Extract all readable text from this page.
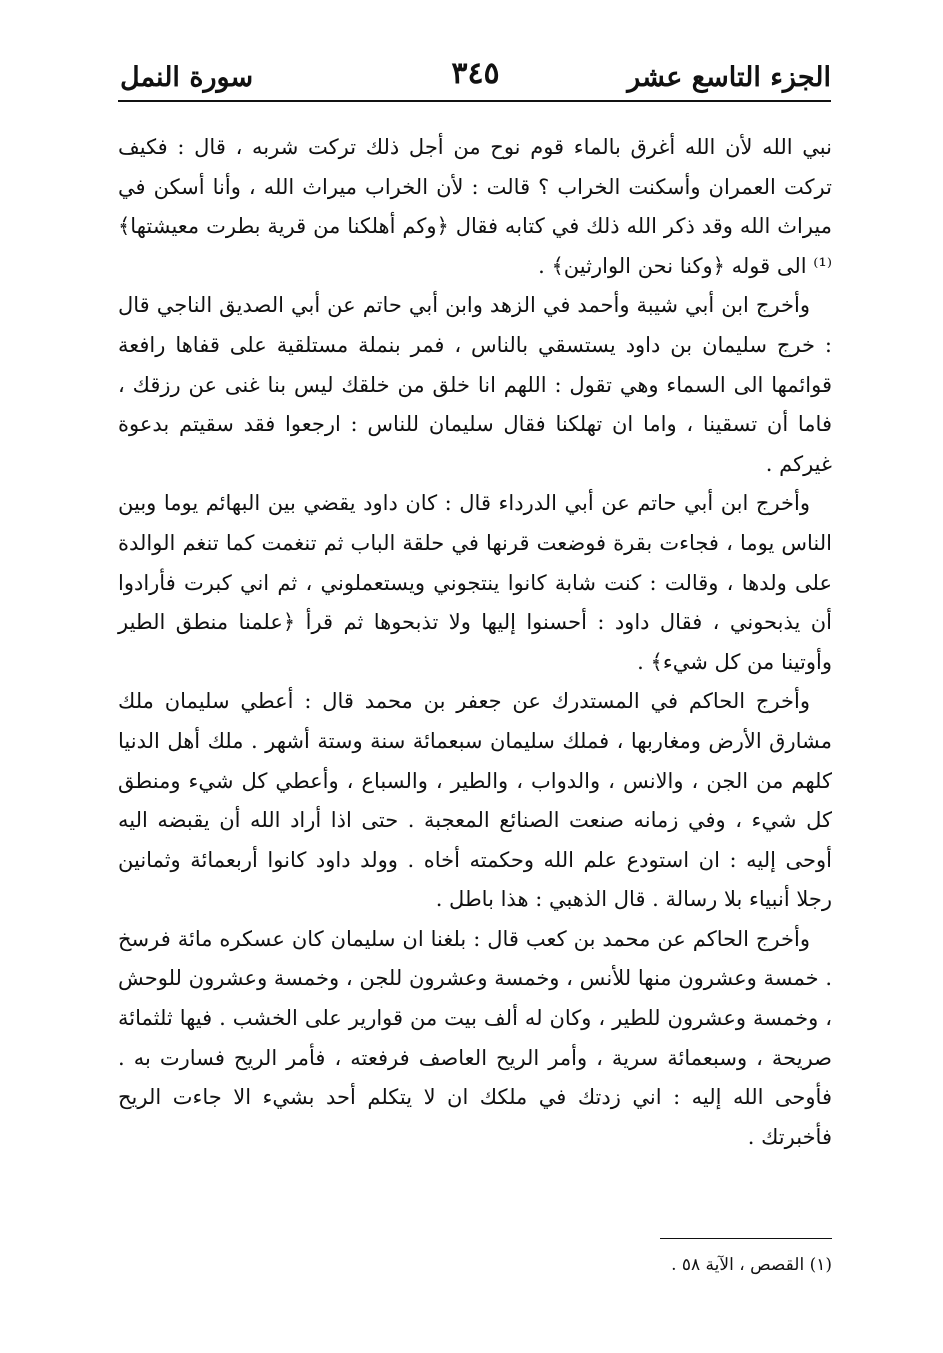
الجزء التاسع عشر
٣٤٥
سورة النمل

نبي الله لأن الله أغرق بالماء قوم نوح من أجل ذلك تركت شربه ، قال : فكيف تركت العمران وأسكنت الخراب ؟ قالت : لأن الخراب ميراث الله ، وأنا أسكن في ميراث الله وقد ذكر الله ذلك في كتابه فقال ﴿وكم أهلكنا من قرية بطرت معيشتها﴾⁽¹⁾ الى قوله ﴿وكنا نحن الوارثين﴾ .

وأخرج ابن أبي شيبة وأحمد في الزهد وابن أبي حاتم عن أبي الصديق الناجي قال : خرج سليمان بن داود يستسقي بالناس ، فمر بنملة مستلقية على قفاها رافعة قوائمها الى السماء وهي تقول : اللهم انا خلق من خلقك ليس بنا غنى عن رزقك ، فاما أن تسقينا ، واما ان تهلكنا فقال سليمان للناس : ارجعوا فقد سقيتم بدعوة غيركم .

وأخرج ابن أبي حاتم عن أبي الدرداء قال : كان داود يقضي بين البهائم يوما وبين الناس يوما ، فجاءت بقرة فوضعت قرنها في حلقة الباب ثم تنغمت كما تنغم الوالدة على ولدها ، وقالت : كنت شابة كانوا ينتجوني ويستعملوني ، ثم اني كبرت فأرادوا أن يذبحوني ، فقال داود : أحسنوا إليها ولا تذبحوها ثم قرأ ﴿علمنا منطق الطير وأوتينا من كل شيء﴾ .

وأخرج الحاكم في المستدرك عن جعفر بن محمد قال : أعطي سليمان ملك مشارق الأرض ومغاربها ، فملك سليمان سبعمائة سنة وستة أشهر . ملك أهل الدنيا كلهم من الجن ، والانس ، والدواب ، والطير ، والسباع ، وأعطي كل شيء ومنطق كل شيء ، وفي زمانه صنعت الصنائع المعجبة . حتى اذا أراد الله أن يقبضه اليه أوحى إليه : ان استودع علم الله وحكمته أخاه . وولد داود كانوا أربعمائة وثمانين رجلا أنبياء بلا رسالة . قال الذهبي : هذا باطل .

وأخرج الحاكم عن محمد بن كعب قال : بلغنا ان سليمان كان عسكره مائة فرسخ . خمسة وعشرون منها للأنس ، وخمسة وعشرون للجن ، وخمسة وعشرون للوحش ، وخمسة وعشرون للطير ، وكان له ألف بيت من قوارير على الخشب . فيها ثلثمائة صريحة ، وسبعمائة سرية ، وأمر الريح العاصف فرفعته ، فأمر الريح فسارت به . فأوحى الله إليه : اني زدتك في ملكك ان لا يتكلم أحد بشيء الا جاءت الريح فأخبرتك .

(١) القصص ، الآية ٥٨ .
